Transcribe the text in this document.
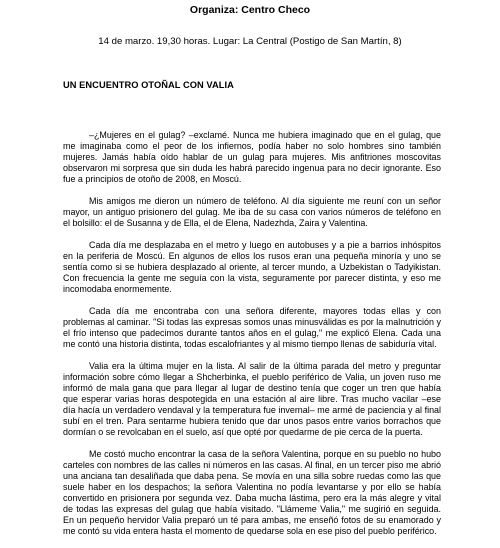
Organiza: Centro Checo
14 de marzo. 19,30 horas. Lugar: La Central (Postigo de San Martín, 8)
UN ENCUENTRO OTOÑAL CON VALIA

–¿Mujeres en el gulag? –exclamé. Nunca me hubiera imaginado que en el gulag, que me imaginaba como el peor de los infiernos, podía haber no solo hombres sino también mujeres. Jamás había oído hablar de un gulag para mujeres. Mis anfitriones moscovitas observaron mi sorpresa que sin duda les habrá parecido ingenua para no decir ignorante. Eso fue a principios de otoño de 2008, en Moscú.

Mis amigos me dieron un número de teléfono. Al día siguiente me reuní con un señor mayor, un antiguo prisionero del gulag. Me iba de su casa con varios números de teléfono en el bolsillo: el de Susanna y de Ella, el de Elena, Nadezhda, Zaira y Valentina.

Cada día me desplazaba en el metro y luego en autobuses y a pie a barrios inhóspitos en la periferia de Moscú. En algunos de ellos los rusos eran una pequeña minoría y uno se sentía como si se hubiera desplazado al oriente, al tercer mundo, a Uzbekistan o Tadyikistan. Con frecuencia la gente me seguía con la vista, seguramente por parecer distinta, y eso me incomodaba enormemente.

Cada día me encontraba con una señora diferente, mayores todas ellas y con problemas al caminar. "Si todas las expresas somos unas minusválidas es por la malnutrición y el frío intenso que padecimos durante tantos años en el gulag," me explicó Elena. Cada una me contó una historia distinta, todas escalofriantes y al mismo tiempo llenas de sabiduría vital.

Valia era la última mujer en la lista. Al salir de la última parada del metro y preguntar información sobre cómo llegar a Shcherbinka, el pueblo periférico de Valia, un joven ruso me informó de mala gana que para llegar al lugar de destino tenía que coger un tren que había que esperar varias horas despotegida en una estación al aire libre. Tras mucho vacilar –ese día hacía un verdadero vendaval y la temperatura fue invernal– me armé de paciencia y al final subí en el tren. Para sentarme hubiera tenido que dar unos pasos entre varios borrachos que dormían o se revolcaban en el suelo, así que opté por quedarme de pie cerca de la puerta.

Me costó mucho encontrar la casa de la señora Valentina, porque en su pueblo no hubo carteles con nombres de las calles ni números en las casas. Al final, en un tercer piso me abrió una anciana tan desaliñada que daba pena. Se movía en una silla sobre ruedas como las que suele haber en los despachos; la señora Valentina no podía levantarse y por ello se había convertido en prisionera por segunda vez. Daba mucha lástima, pero era la más alegre y vital de todas las expresas del gulag que había visitado. "Llámeme Valia," me sugirió en seguida. En un pequeño hervidor Valia preparó un té para ambas, me enseñó fotos de su enamorado y me contó su vida entera hasta el momento de quedarse sola en ese piso del pueblo periférico.
